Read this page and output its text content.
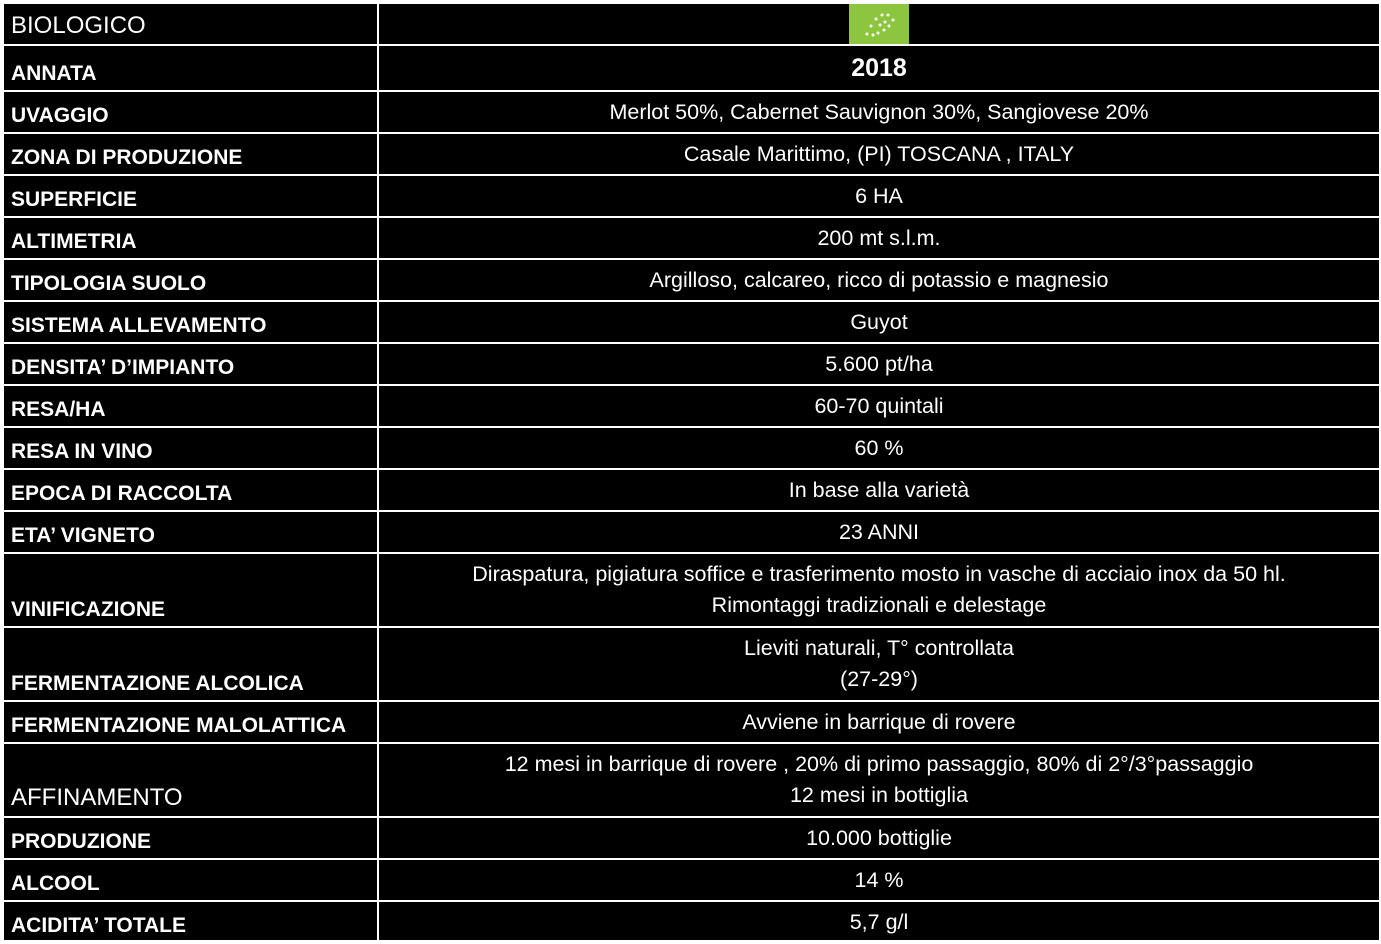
BIOLOGICO	

ANNATA	2018
UVAGGIO	Merlot 50%, Cabernet Sauvignon 30%, Sangiovese 20%
ZONA DI PRODUZIONE	Casale Marittimo, (PI) TOSCANA , ITALY
SUPERFICIE	6 HA
ALTIMETRIA	200 mt s.l.m.
TIPOLOGIA SUOLO	Argilloso, calcareo, ricco di potassio e magnesio
SISTEMA ALLEVAMENTO	Guyot
DENSITA’ D’IMPIANTO	5.600 pt/ha
RESA/HA	60-70 quintali
RESA IN VINO	60 %
EPOCA DI RACCOLTA	In base alla varietà
ETA’ VIGNETO	23 ANNI
VINIFICAZIONE	Diraspatura, pigiatura soffice e trasferimento mosto in vasche di acciaio inox da 50 hl.
Rimontaggi tradizionali e delestage

FERMENTAZIONE ALCOLICA	Lieviti naturali, T° controllata
(27-29°)

FERMENTAZIONE MALOLATTICA	Avviene in barrique di rovere
AFFINAMENTO	12 mesi in barrique di rovere , 20% di primo passaggio, 80% di 2°/3°passaggio
12 mesi in bottiglia

PRODUZIONE	10.000 bottiglie
ALCOOL	14 %
ACIDITA’ TOTALE	5,7 g/l
